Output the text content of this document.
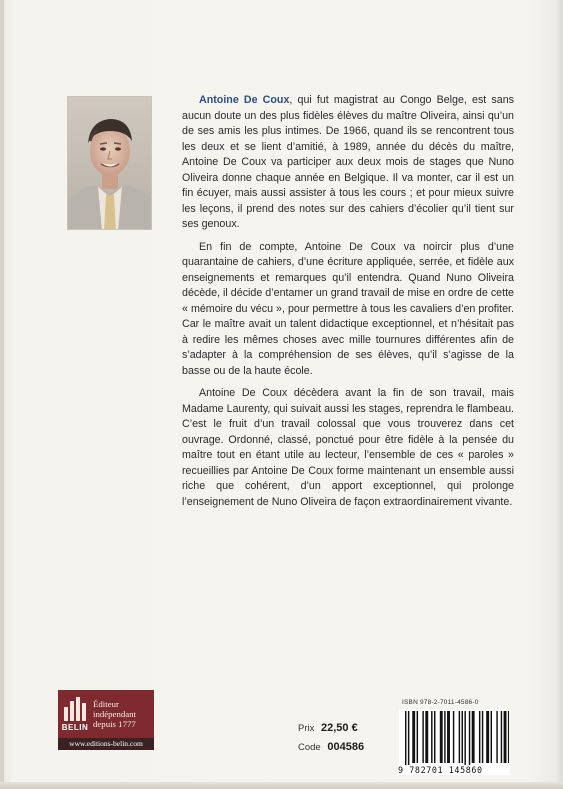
Antoine De Coux, qui fut magistrat au Congo Belge, est sans aucun doute un des plus fidèles élèves du maître Oliveira, ainsi qu’un de ses amis les plus intimes. De 1966, quand ils se rencontrent tous les deux et se lient d’amitié, à 1989, année du décès du maître, Antoine De Coux va participer aux deux mois de stages que Nuno Oliveira donne chaque année en Belgique. Il va monter, car il est un fin écuyer, mais aussi assister à tous les cours ; et pour mieux suivre les leçons, il prend des notes sur des cahiers d’écolier qu’il tient sur ses genoux.

En fin de compte, Antoine De Coux va noircir plus d’une quarantaine de cahiers, d’une écriture appliquée, serrée, et fidèle aux enseignements et remarques qu’il entendra. Quand Nuno Oliveira décède, il décide d’entamer un grand travail de mise en ordre de cette « mémoire du vécu », pour permettre à tous les cavaliers d’en profiter. Car le maître avait un talent didactique exceptionnel, et n’hésitait pas à redire les mêmes choses avec mille tournures différentes afin de s’adapter à la compréhension de ses élèves, qu’il s’agisse de la basse ou de la haute école.

Antoine De Coux décèdera avant la fin de son travail, mais Madame Laurenty, qui suivait aussi les stages, reprendra le flambeau. C’est le fruit d’un travail colossal que vous trouverez dans cet ouvrage. Ordonné, classé, ponctué pour être fidèle à la pensée du maître tout en étant utile au lecteur, l’ensemble de ces « paroles » recueillies par Antoine De Coux forme maintenant un ensemble aussi riche que cohérent, d’un apport exceptionnel, qui prolonge l’enseignement de Nuno Oliveira de façon extraordinairement vivante.

BELIN
Éditeur
indépendant
depuis 1777
www.editions-belin.com
Prix 22,50 €
Code 004586
ISBN 978-2-7011-4586-0
9 782701 145860
